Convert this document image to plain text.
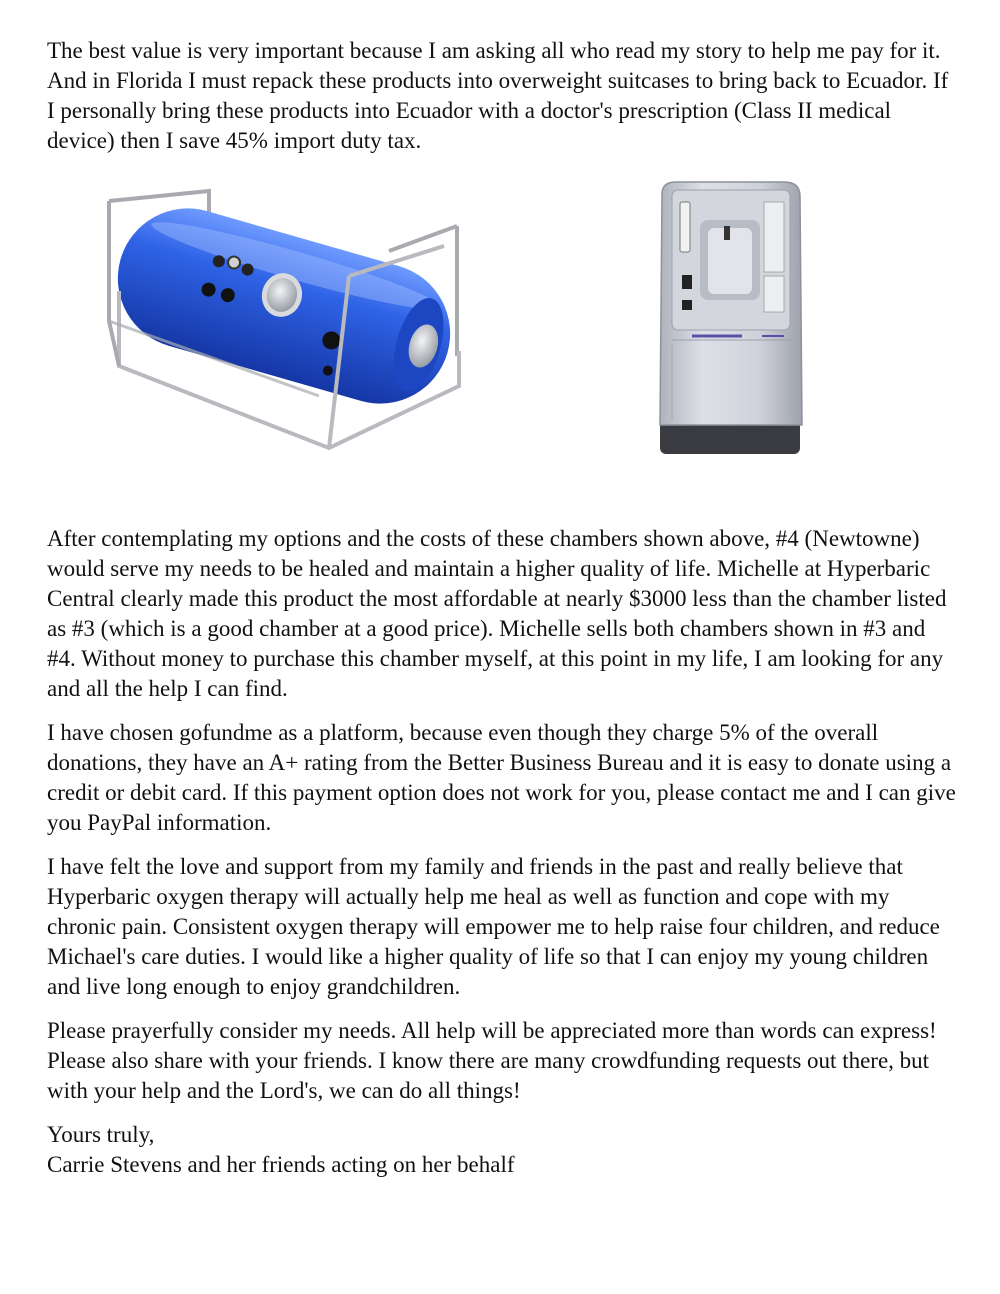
The best value is very important because I am asking all who read my story to help me pay for it. And in Florida I must repack these products into overweight suitcases to bring back to Ecuador. If I personally bring these products into Ecuador with a doctor's prescription (Class II medical device) then I save 45% import duty tax.

After contemplating my options and the costs of these chambers shown above, #4 (Newtowne) would serve my needs to be healed and maintain a higher quality of life. Michelle at Hyperbaric Central clearly made this product the most affordable at nearly $3000 less than the chamber listed as #3 (which is a good chamber at a good price). Michelle sells both chambers shown in #3 and #4. Without money to purchase this chamber myself, at this point in my life, I am looking for any and all the help I can find.

I have chosen gofundme as a platform, because even though they charge 5% of the overall donations, they have an A+ rating from the Better Business Bureau and it is easy to donate using a credit or debit card. If this payment option does not work for you, please contact me and I can give you PayPal information.

I have felt the love and support from my family and friends in the past and really believe that Hyperbaric oxygen therapy will actually help me heal as well as function and cope with my chronic pain. Consistent oxygen therapy will empower me to help raise four children, and reduce Michael's care duties. I would like a higher quality of life so that I can enjoy my young children and live long enough to enjoy grandchildren.

Please prayerfully consider my needs. All help will be appreciated more than words can express! Please also share with your friends. I know there are many crowdfunding requests out there, but with your help and the Lord's, we can do all things!

Yours truly,

Carrie Stevens and her friends acting on her behalf
